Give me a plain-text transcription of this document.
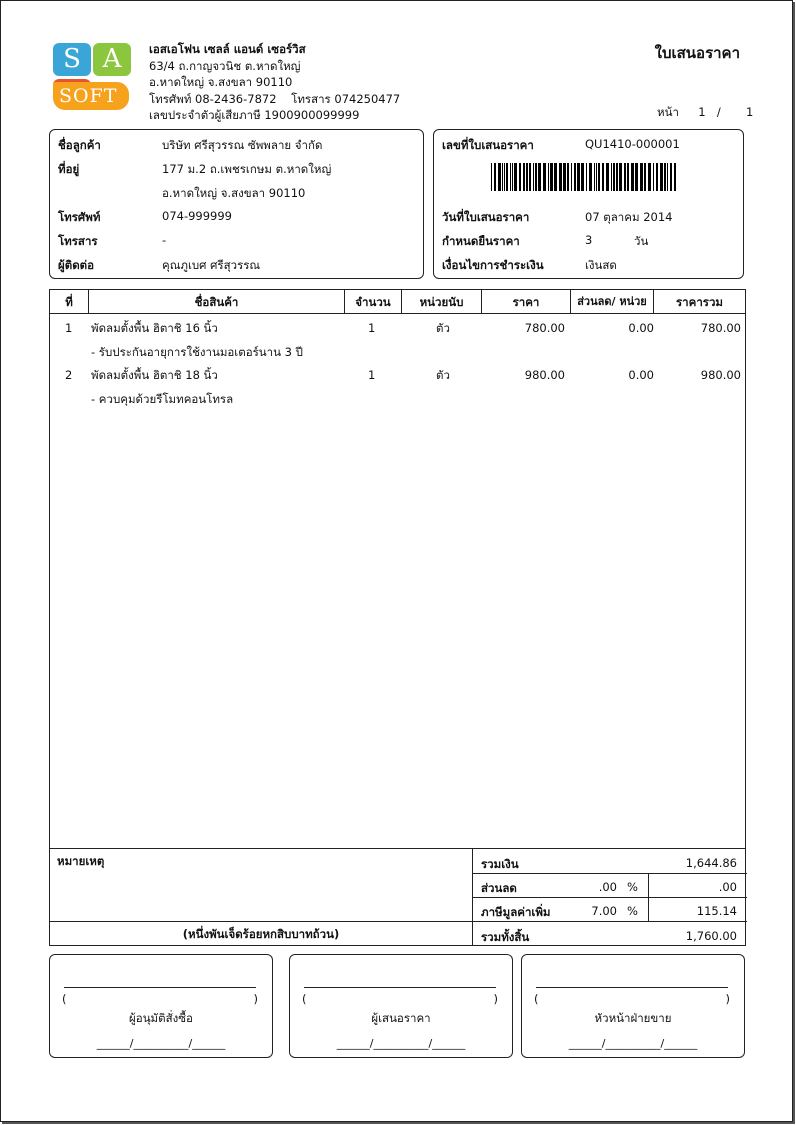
S A
SOFT
เอสเอโฟน เซลล์ แอนด์ เซอร์วิส
63/4 ถ.กาญจวนิช ต.หาดใหญ่
อ.หาดใหญ่ จ.สงขลา 90110
โทรศัพท์ 08-2436-7872    โทรสาร 074250477
เลขประจำตัวผู้เสียภาษี 1900900099999
ใบเสนอราคา
หน้า 1 / 1
ชื่อลูกค้า	บริษัท ศรีสุวรรณ ซัพพลาย จำกัด
ที่อยู่	177 ม.2 ถ.เพชรเกษม ต.หาดใหญ่
อ.หาดใหญ่ จ.สงขลา 90110
โทรศัพท์	074-999999
โทรสาร	-
ผู้ติดต่อ	คุณภูเบศ ศรีสุวรรณ
เลขที่ใบเสนอราคา	QU1410-000001
วันที่ใบเสนอราคา	07 ตุลาคม 2014
กำหนดยืนราคา	3	วัน
เงื่อนไขการชำระเงิน	เงินสด
ที่	ชื่อสินค้า	จำนวน	หน่วยนับ	ราคา	ส่วนลด/ หน่วย	ราคารวม
1 พัดลมตั้งพื้น ฮิตาชิ 16 นิ้ว	1	ตัว	780.00	0.00	780.00
- รับประกันอายุการใช้งานมอเตอร์นาน 3 ปี
2 พัดลมตั้งพื้น ฮิตาชิ 18 นิ้ว	1	ตัว	980.00	0.00	980.00
- ควบคุมด้วยรีโมทคอนโทรล
หมายเหตุ
(หนึ่งพันเจ็ดร้อยหกสิบบาทถ้วน)
รวมเงิน	1,644.86
ส่วนลด	.00 %	.00
ภาษีมูลค่าเพิ่ม	7.00 %	115.14
รวมทั้งสิ้น	1,760.00
(	)
ผู้อนุมัติสั่งซื้อ
______/__________/______
(	)
ผู้เสนอราคา
______/__________/______
(	)
หัวหน้าฝ่ายขาย
______/__________/______
